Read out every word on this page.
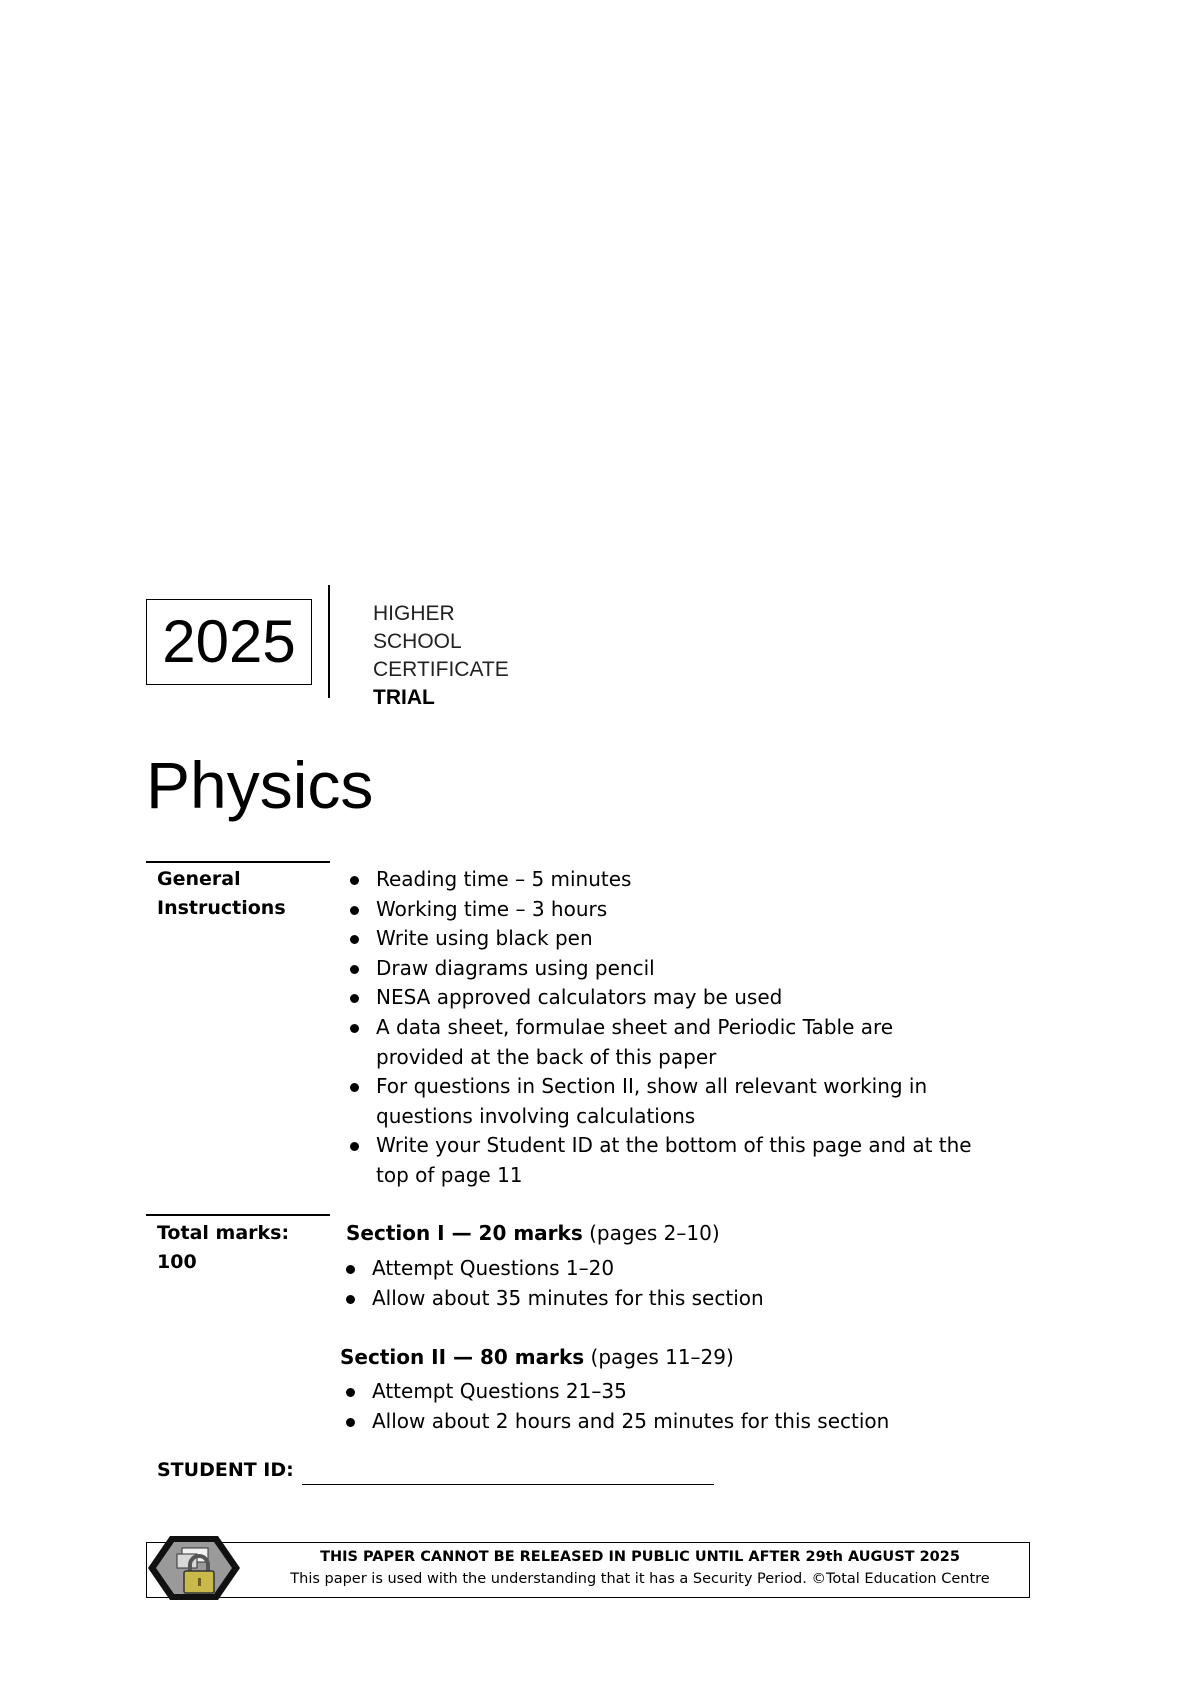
2025	HIGHER
SCHOOL
CERTIFICATE
TRIAL
Physics
General
Instructions
Reading time – 5 minutes
Working time – 3 hours
Write using black pen
Draw diagrams using pencil
NESA approved calculators may be used
A data sheet, formulae sheet and Periodic Table are provided at the back of this paper
For questions in Section II, show all relevant working in questions involving calculations
Write your Student ID at the bottom of this page and at the top of page 11
Total marks:
100
Section I — 20 marks (pages 2–10)
Attempt Questions 1–20
Allow about 35 minutes for this section
Section II — 80 marks (pages 11–29)
Attempt Questions 21–35
Allow about 2 hours and 25 minutes for this section
STUDENT ID:
THIS PAPER CANNOT BE RELEASED IN PUBLIC UNTIL AFTER 29th AUGUST 2025
This paper is used with the understanding that it has a Security Period. ©Total Education Centre
